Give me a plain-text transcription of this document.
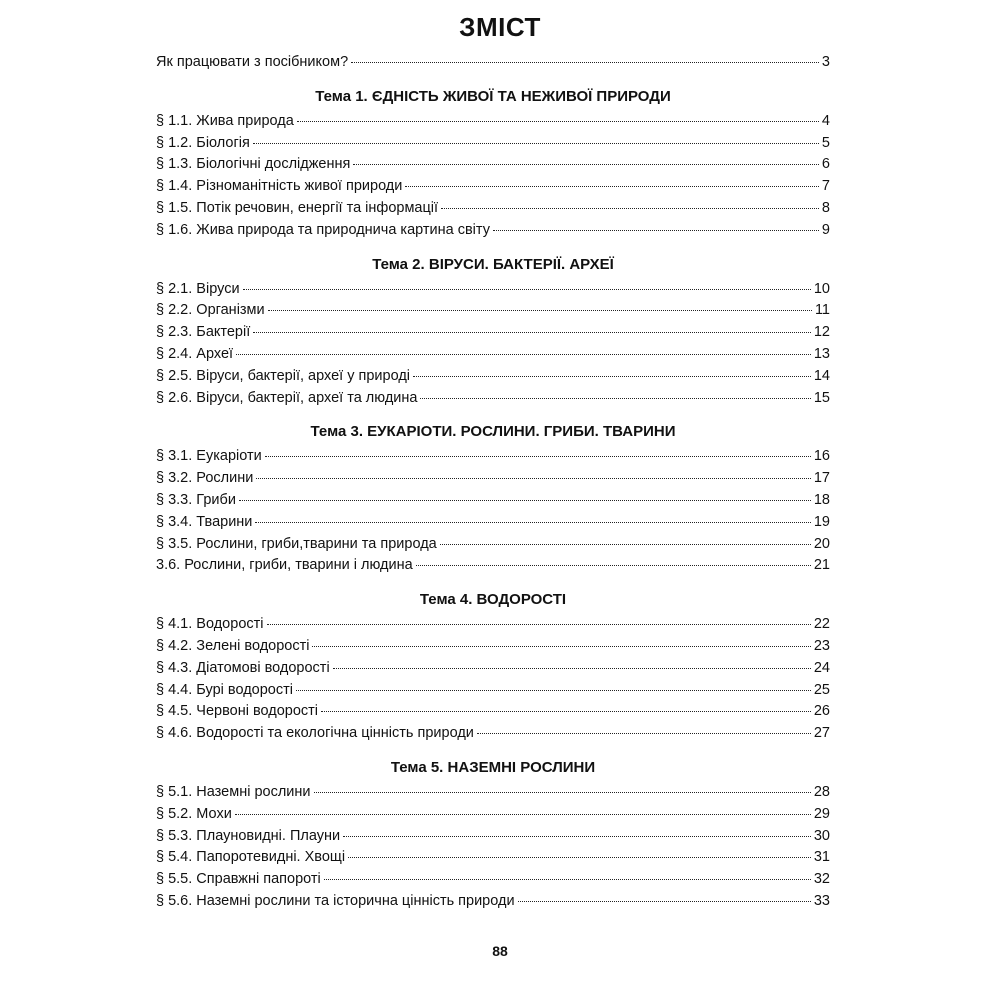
ЗМІСТ
Як працювати з посібником?	3
Тема 1. ЄДНІСТЬ ЖИВОЇ ТА НЕЖИВОЇ ПРИРОДИ
§ 1.1. Жива природа	4
§ 1.2. Біологія	5
§ 1.3. Біологічні дослідження	6
§ 1.4. Різноманітність живої природи	7
§ 1.5. Потік речовин, енергії та інформації	8
§ 1.6. Жива природа та природнича картина світу	9
Тема 2. ВІРУСИ. БАКТЕРІЇ. АРХЕЇ
§ 2.1. Віруси	10
§ 2.2. Організми	11
§ 2.3. Бактерії	12
§ 2.4. Археї	13
§ 2.5. Віруси, бактерії, археї у природі	14
§ 2.6. Віруси, бактерії, археї та людина	15
Тема 3. ЕУКАРІОТИ. РОСЛИНИ. ГРИБИ. ТВАРИНИ
§ 3.1. Еукаріоти	16
§ 3.2. Рослини	17
§ 3.3. Гриби	18
§ 3.4. Тварини	19
§ 3.5. Рослини, гриби,тварини та природа	20
3.6. Рослини, гриби, тварини і людина	21
Тема 4. ВОДОРОСТІ
§ 4.1. Водорості	22
§ 4.2. Зелені водорості	23
§ 4.3. Діатомові водорості	24
§ 4.4. Бурі водорості	25
§ 4.5. Червоні водорості	26
§ 4.6. Водорості та екологічна цінність природи	27
Тема 5. НАЗЕМНІ РОСЛИНИ
§ 5.1. Наземні рослини	28
§ 5.2. Мохи	29
§ 5.3. Плауновидні. Плауни	30
§ 5.4. Папоротевидні. Хвощі	31
§ 5.5. Справжні папороті	32
§ 5.6. Наземні рослини та історична цінність природи	33
88
